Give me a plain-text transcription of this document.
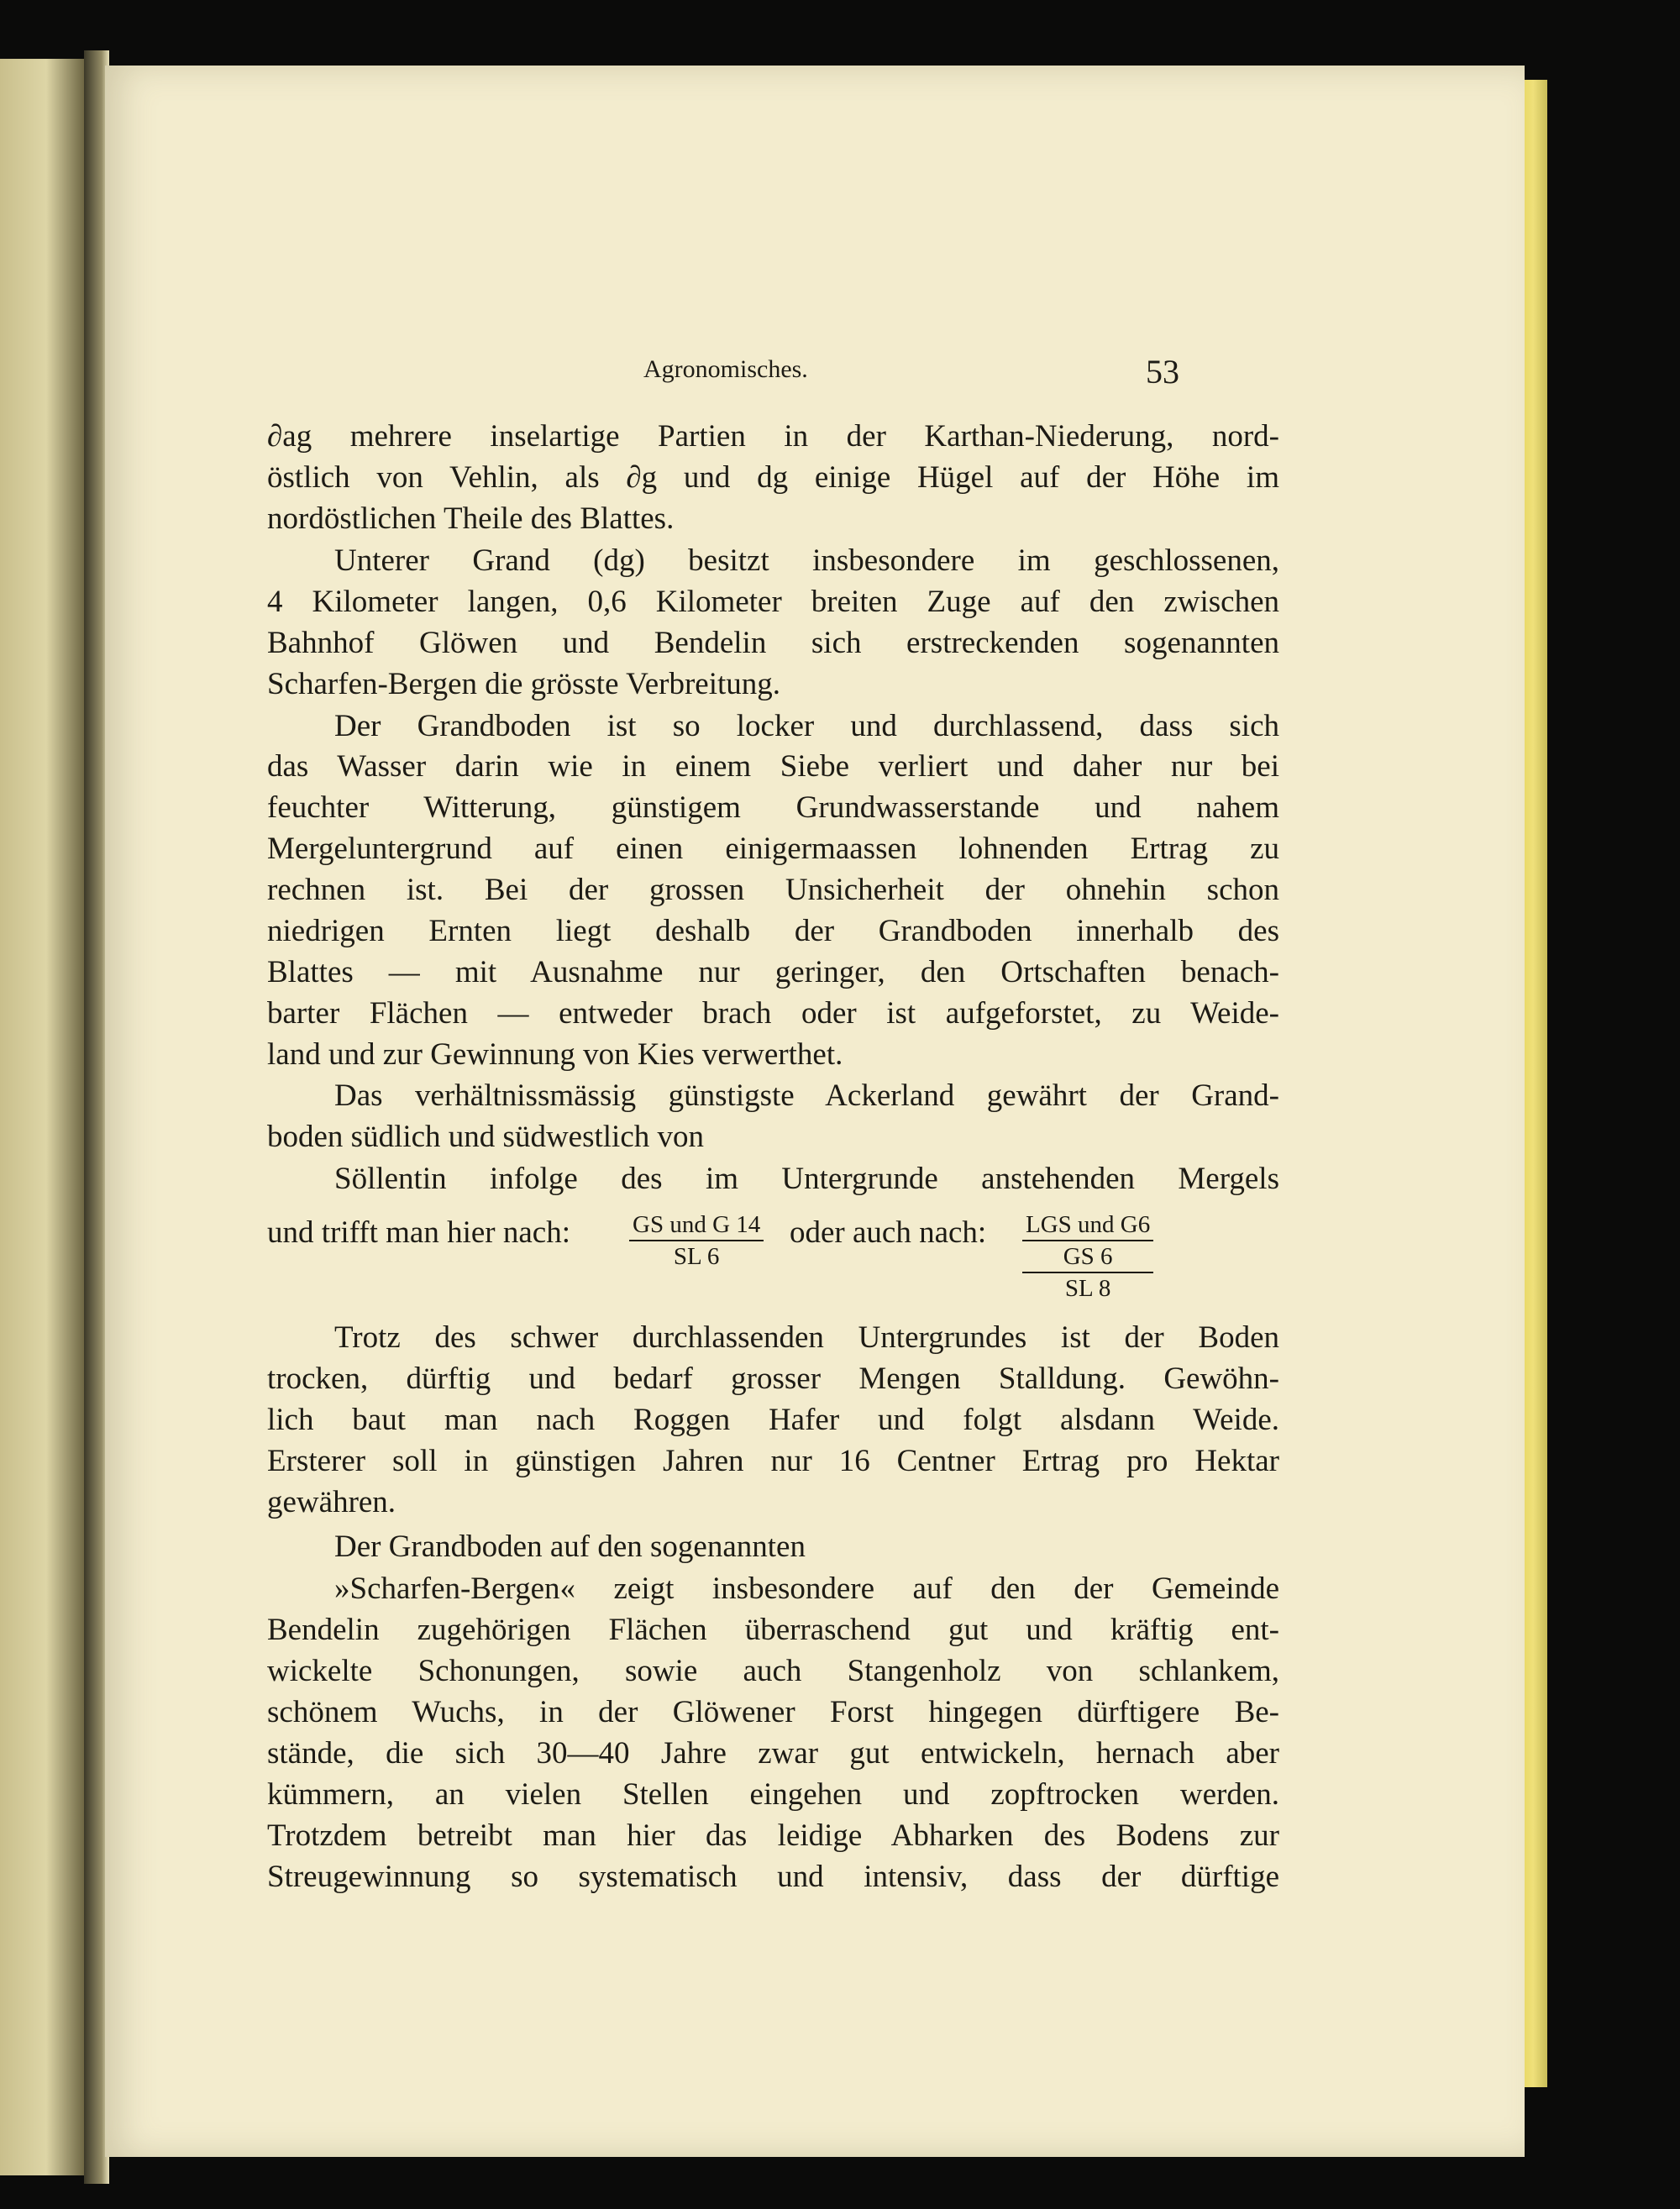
Agronomisches.	53
∂ag mehrere inselartige Partien in der Karthan-Niederung, nord-
östlich von Vehlin, als ∂g und dg einige Hügel auf der Höhe im
nordöstlichen Theile des Blattes.
Unterer Grand (dg) besitzt insbesondere im geschlossenen,
4 Kilometer langen, 0,6 Kilometer breiten Zuge auf den zwischen
Bahnhof Glöwen und Bendelin sich erstreckenden sogenannten
Scharfen-Bergen die grösste Verbreitung.
Der Grandboden ist so locker und durchlassend, dass sich
das Wasser darin wie in einem Siebe verliert und daher nur bei
feuchter Witterung, günstigem Grundwasserstande und nahem
Mergeluntergrund auf einen einigermaassen lohnenden Ertrag zu
rechnen ist. Bei der grossen Unsicherheit der ohnehin schon
niedrigen Ernten liegt deshalb der Grandboden innerhalb des
Blattes — mit Ausnahme nur geringer, den Ortschaften benach-
barter Flächen — entweder brach oder ist aufgeforstet, zu Weide-
land und zur Gewinnung von Kies verwerthet.
Das verhältnissmässig günstigste Ackerland gewährt der Grand-
boden südlich und südwestlich von
Söllentin infolge des im Untergrunde anstehenden Mergels
und trifft man hier nach:	GS und G 14
SL 6
oder auch nach: LGS und G6
GS 6
SL 8
Trotz des schwer durchlassenden Untergrundes ist der Boden
trocken, dürftig und bedarf grosser Mengen Stalldung. Gewöhn-
lich baut man nach Roggen Hafer und folgt alsdann Weide.
Ersterer soll in günstigen Jahren nur 16 Centner Ertrag pro Hektar
gewähren.
Der Grandboden auf den sogenannten
»Scharfen-Bergen« zeigt insbesondere auf den der Gemeinde
Bendelin zugehörigen Flächen überraschend gut und kräftig ent-
wickelte Schonungen, sowie auch Stangenholz von schlankem,
schönem Wuchs, in der Glöwener Forst hingegen dürftigere Be-
stände, die sich 30—40 Jahre zwar gut entwickeln, hernach aber
kümmern, an vielen Stellen eingehen und zopftrocken werden.
Trotzdem betreibt man hier das leidige Abharken des Bodens zur
Streugewinnung so systematisch und intensiv, dass der dürftige
